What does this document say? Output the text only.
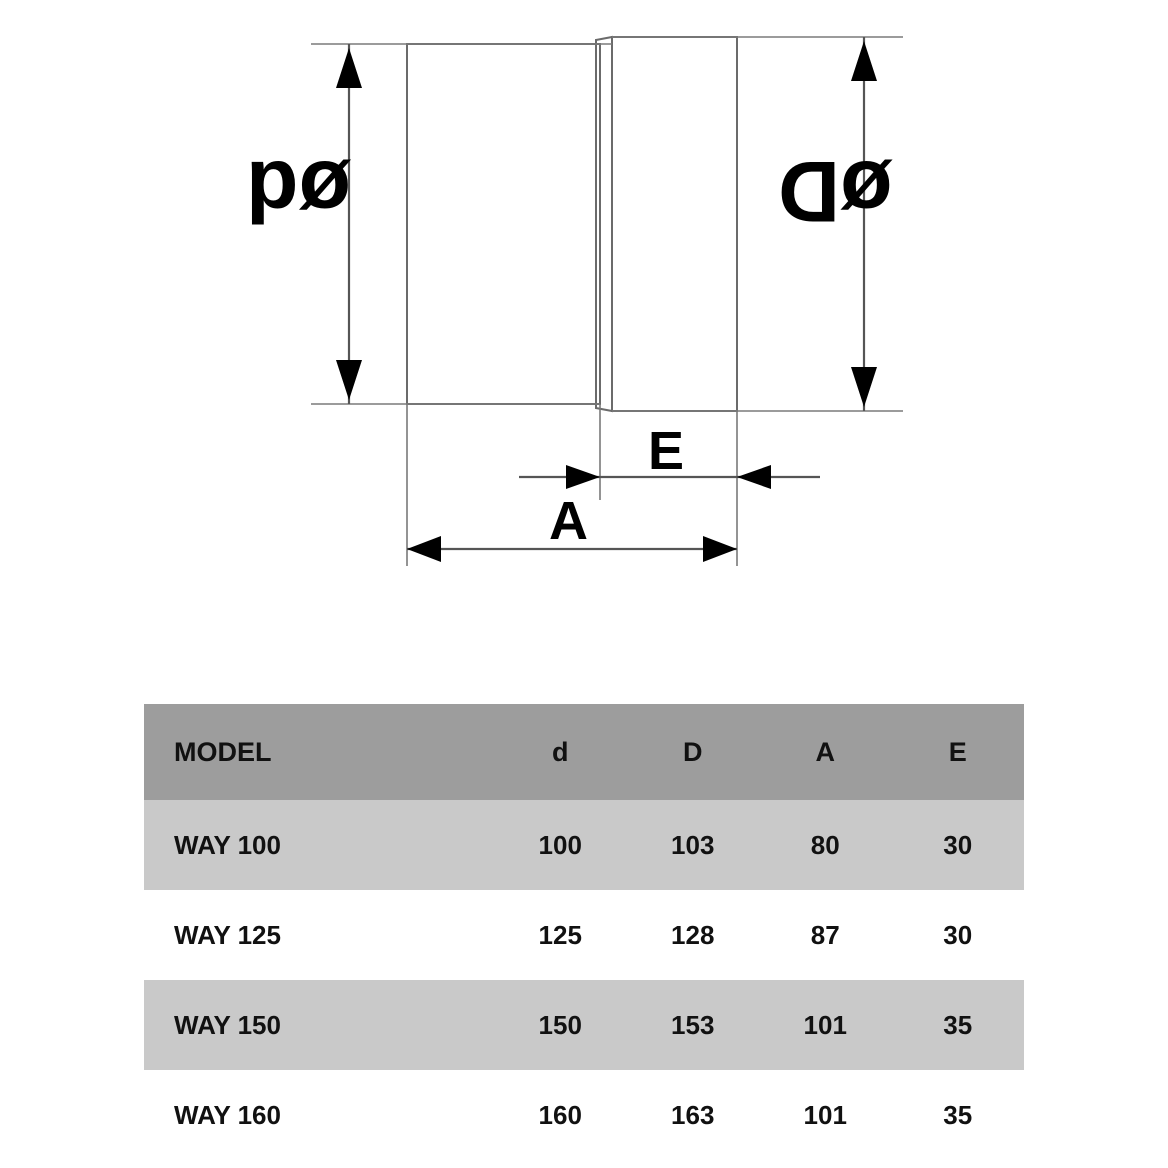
ød	øD
E
A
MODEL	d	D	A	E
WAY 100	100	103	80	30
WAY 125	125	128	87	30
WAY 150	150	153	101	35
WAY 160	160	163	101	35
